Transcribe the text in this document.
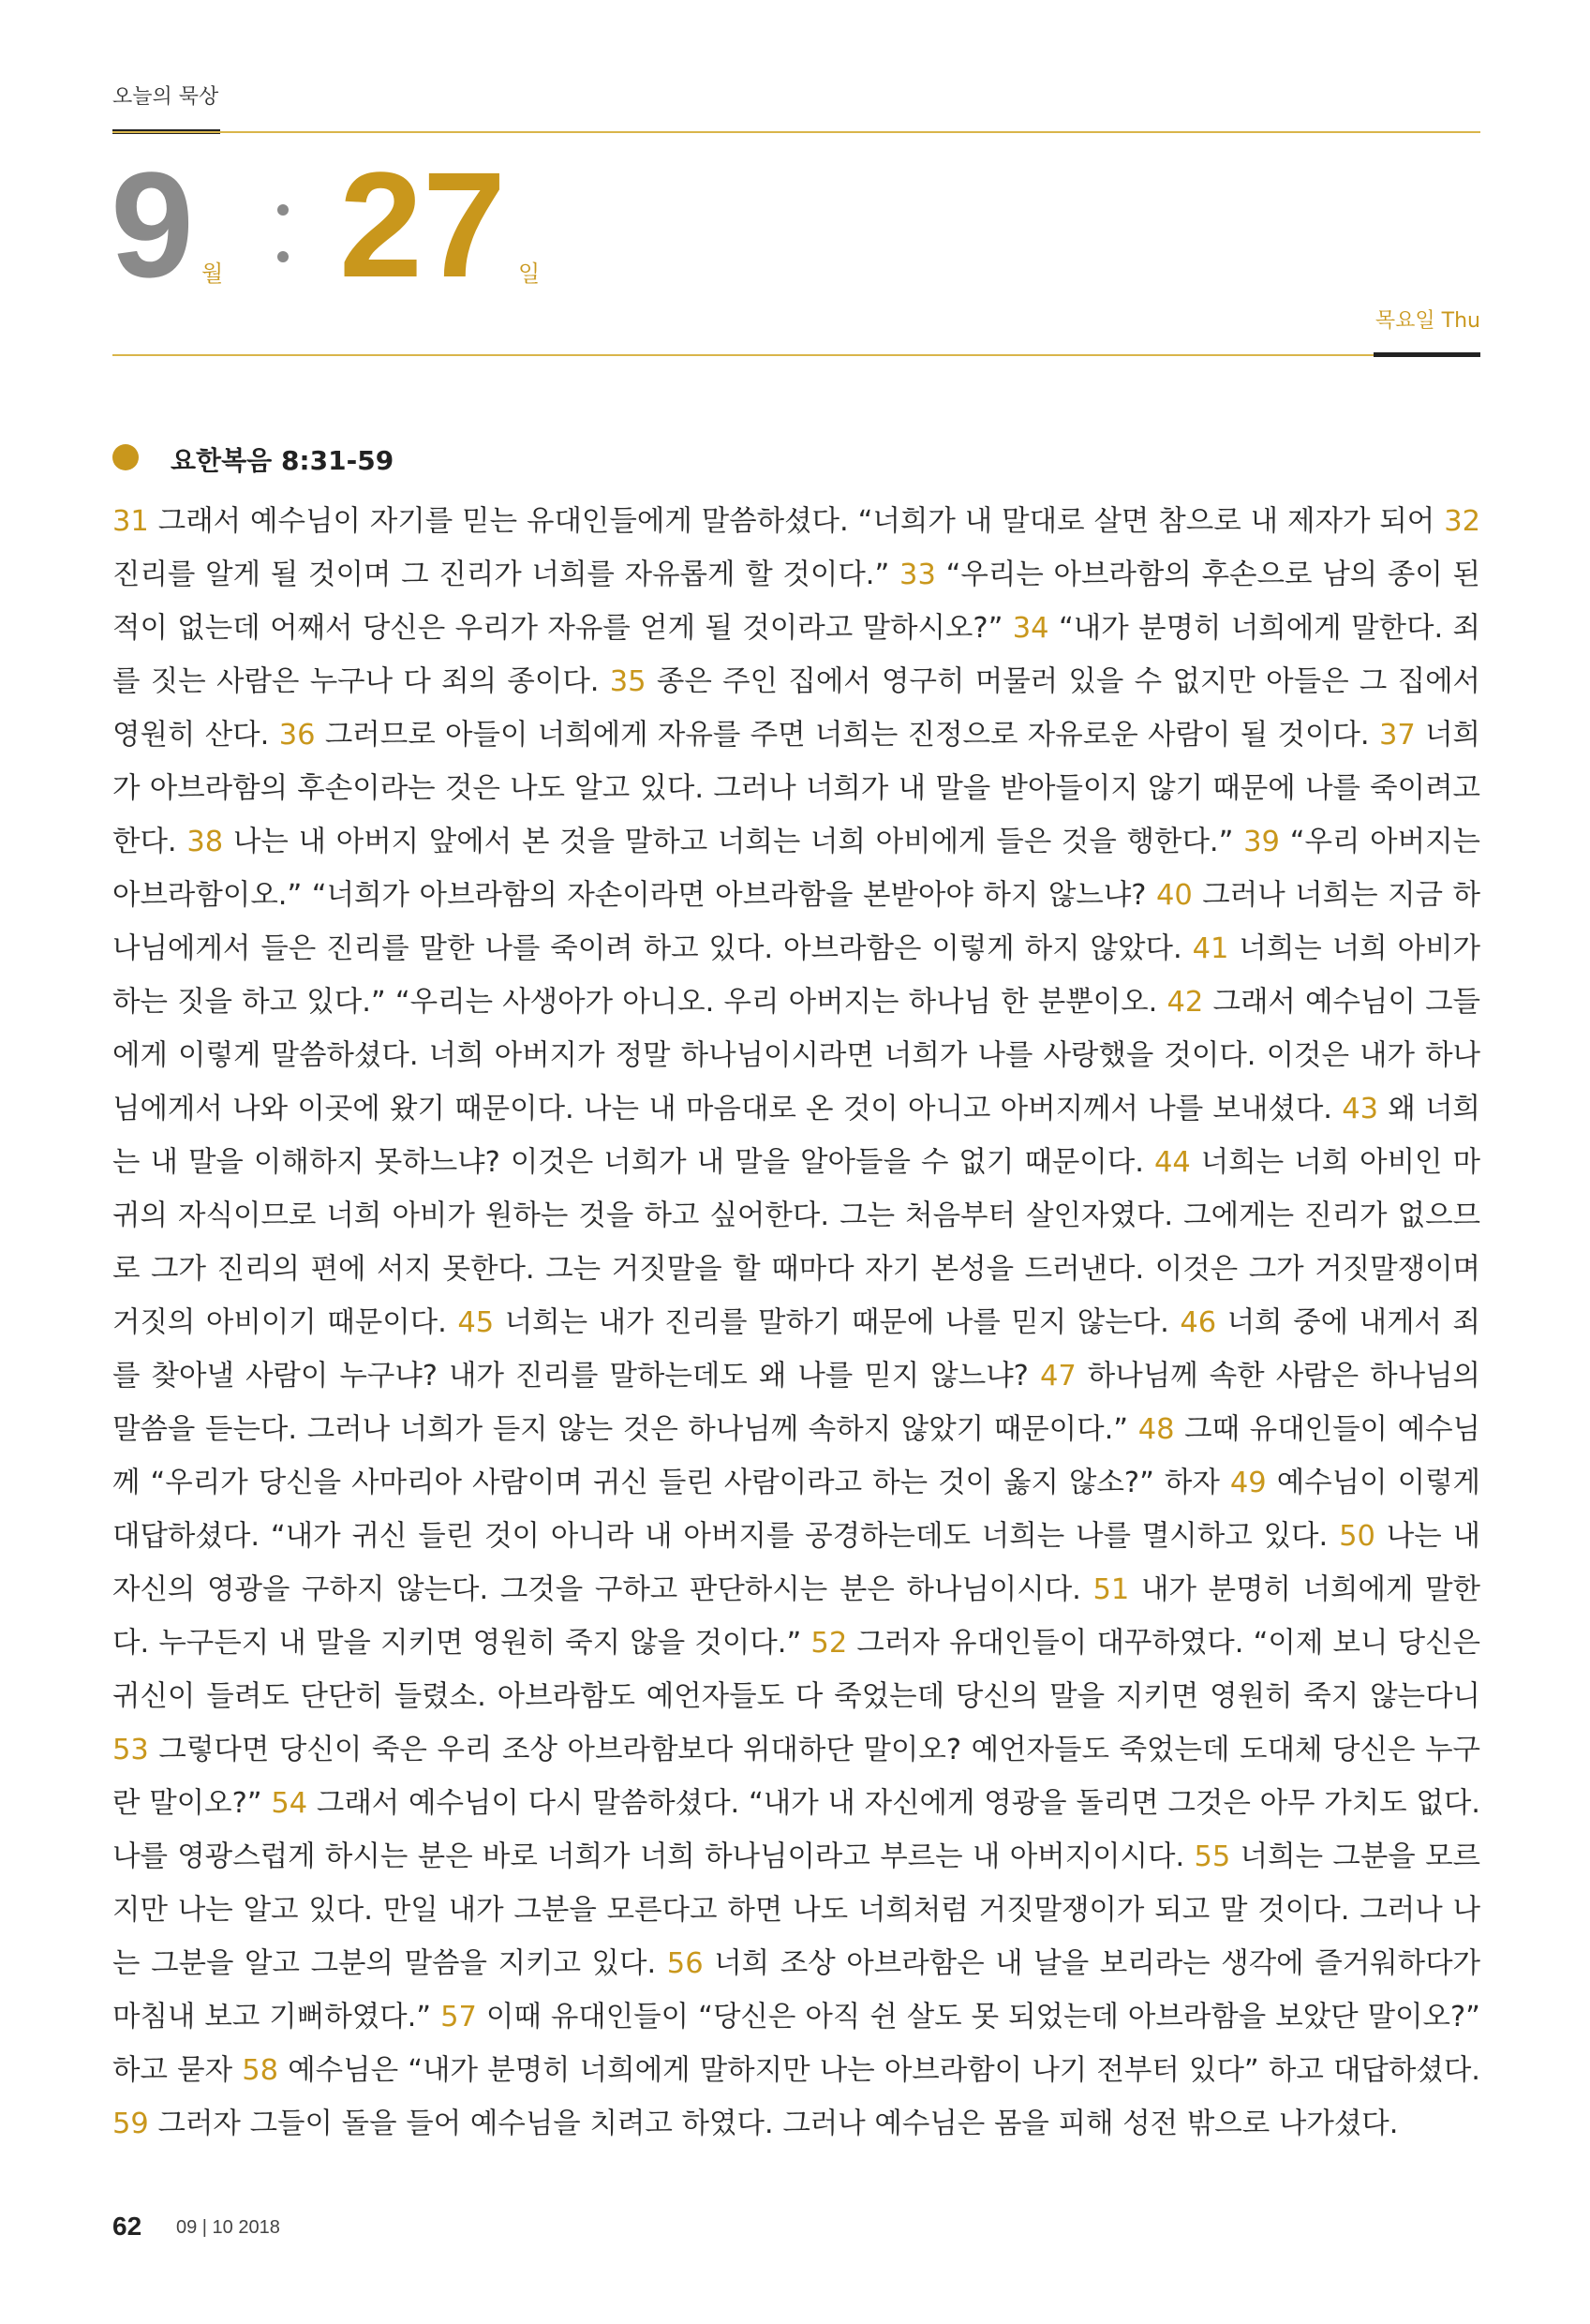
오늘의 묵상
9 월 27 일
목요일 Thu
요한복음 8:31-59

31 그래서 예수님이 자기를 믿는 유대인들에게 말씀하셨다. “너희가 내 말대로 살면 참으로 내 제자가 되어 32 진리를 알게 될 것이며 그 진리가 너희를 자유롭게 할 것이다.” 33 “우리는 아브라함의 후손으로 남의 종이 된 적이 없는데 어째서 당신은 우리가 자유를 얻게 될 것이라고 말하시오?” 34 “내가 분명히 너희에게 말한다. 죄를 짓는 사람은 누구나 다 죄의 종이다. 35 종은 주인 집에서 영구히 머물러 있을 수 없지만 아들은 그 집에서 영원히 산다. 36 그러므로 아들이 너희에게 자유를 주면 너희는 진정으로 자유로운 사람이 될 것이다. 37 너희가 아브라함의 후손이라는 것은 나도 알고 있다. 그러나 너희가 내 말을 받아들이지 않기 때문에 나를 죽이려고 한다. 38 나는 내 아버지 앞에서 본 것을 말하고 너희는 너희 아비에게 들은 것을 행한다.” 39 “우리 아버지는 아브라함이오.” “너희가 아브라함의 자손이라면 아브라함을 본받아야 하지 않느냐? 40 그러나 너희는 지금 하나님에게서 들은 진리를 말한 나를 죽이려 하고 있다. 아브라함은 이렇게 하지 않았다. 41 너희는 너희 아비가 하는 짓을 하고 있다.” “우리는 사생아가 아니오. 우리 아버지는 하나님 한 분뿐이오. 42 그래서 예수님이 그들에게 이렇게 말씀하셨다. 너희 아버지가 정말 하나님이시라면 너희가 나를 사랑했을 것이다. 이것은 내가 하나님에게서 나와 이곳에 왔기 때문이다. 나는 내 마음대로 온 것이 아니고 아버지께서 나를 보내셨다. 43 왜 너희는 내 말을 이해하지 못하느냐? 이것은 너희가 내 말을 알아들을 수 없기 때문이다. 44 너희는 너희 아비인 마귀의 자식이므로 너희 아비가 원하는 것을 하고 싶어한다. 그는 처음부터 살인자였다. 그에게는 진리가 없으므로 그가 진리의 편에 서지 못한다. 그는 거짓말을 할 때마다 자기 본성을 드러낸다. 이것은 그가 거짓말쟁이며 거짓의 아비이기 때문이다. 45 너희는 내가 진리를 말하기 때문에 나를 믿지 않는다. 46 너희 중에 내게서 죄를 찾아낼 사람이 누구냐? 내가 진리를 말하는데도 왜 나를 믿지 않느냐? 47 하나님께 속한 사람은 하나님의 말씀을 듣는다. 그러나 너희가 듣지 않는 것은 하나님께 속하지 않았기 때문이다.” 48 그때 유대인들이 예수님께 “우리가 당신을 사마리아 사람이며 귀신 들린 사람이라고 하는 것이 옳지 않소?” 하자 49 예수님이 이렇게 대답하셨다. “내가 귀신 들린 것이 아니라 내 아버지를 공경하는데도 너희는 나를 멸시하고 있다. 50 나는 내 자신의 영광을 구하지 않는다. 그것을 구하고 판단하시는 분은 하나님이시다. 51 내가 분명히 너희에게 말한다. 누구든지 내 말을 지키면 영원히 죽지 않을 것이다.” 52 그러자 유대인들이 대꾸하였다. “이제 보니 당신은 귀신이 들려도 단단히 들렸소. 아브라함도 예언자들도 다 죽었는데 당신의 말을 지키면 영원히 죽지 않는다니 53 그렇다면 당신이 죽은 우리 조상 아브라함보다 위대하단 말이오? 예언자들도 죽었는데 도대체 당신은 누구란 말이오?” 54 그래서 예수님이 다시 말씀하셨다. “내가 내 자신에게 영광을 돌리면 그것은 아무 가치도 없다. 나를 영광스럽게 하시는 분은 바로 너희가 너희 하나님이라고 부르는 내 아버지이시다. 55 너희는 그분을 모르지만 나는 알고 있다. 만일 내가 그분을 모른다고 하면 나도 너희처럼 거짓말쟁이가 되고 말 것이다. 그러나 나는 그분을 알고 그분의 말씀을 지키고 있다. 56 너희 조상 아브라함은 내 날을 보리라는 생각에 즐거워하다가 마침내 보고 기뻐하였다.” 57 이때 유대인들이 “당신은 아직 쉰 살도 못 되었는데 아브라함을 보았단 말이오?” 하고 묻자 58 예수님은 “내가 분명히 너희에게 말하지만 나는 아브라함이 나기 전부터 있다” 하고 대답하셨다. 59 그러자 그들이 돌을 들어 예수님을 치려고 하였다. 그러나 예수님은 몸을 피해 성전 밖으로 나가셨다.

62 09 | 10 2018
